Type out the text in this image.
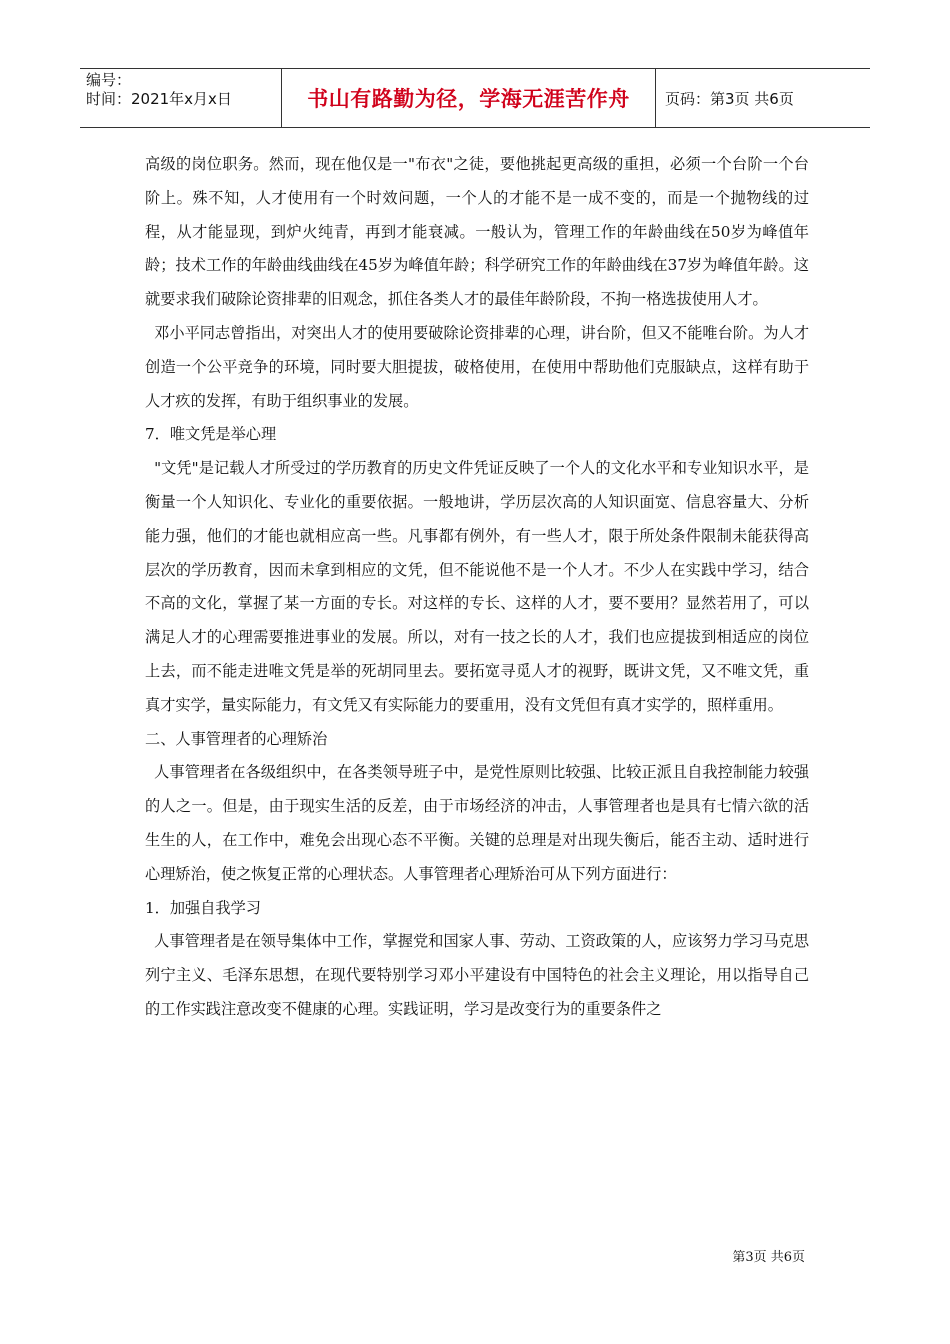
编号：
时间：2021年x月x日	书山有路勤为径，学海无涯苦作舟 页码：第3页 共6页

高级的岗位职务。然而，现在他仅是一"布衣"之徒，要他挑起更高级的重担，必须一个台阶一个台阶上。殊不知，人才使用有一个时效问题，一个人的才能不是一成不变的，而是一个抛物线的过程，从才能显现，到炉火纯青，再到才能衰减。一般认为，管理工作的年龄曲线在50岁为峰值年龄；技术工作的年龄曲线曲线在45岁为峰值年龄；科学研究工作的年龄曲线在37岁为峰值年龄。这就要求我们破除论资排辈的旧观念，抓住各类人才的最佳年龄阶段，不拘一格选拔使用人才。

邓小平同志曾指出，对突出人才的使用要破除论资排辈的心理，讲台阶，但又不能唯台阶。为人才创造一个公平竞争的环境，同时要大胆提拔，破格使用，在使用中帮助他们克服缺点，这样有助于人才疚的发挥，有助于组织事业的发展。

7．唯文凭是举心理

"文凭"是记载人才所受过的学历教育的历史文件凭证反映了一个人的文化水平和专业知识水平，是衡量一个人知识化、专业化的重要依据。一般地讲，学历层次高的人知识面宽、信息容量大、分析能力强，他们的才能也就相应高一些。凡事都有例外，有一些人才，限于所处条件限制未能获得高层次的学历教育，因而未拿到相应的文凭，但不能说他不是一个人才。不少人在实践中学习，结合不高的文化，掌握了某一方面的专长。对这样的专长、这样的人才，要不要用？显然若用了，可以满足人才的心理需要推进事业的发展。所以，对有一技之长的人才，我们也应提拔到相适应的岗位上去，而不能走进唯文凭是举的死胡同里去。要拓宽寻觅人才的视野，既讲文凭，又不唯文凭，重真才实学，量实际能力，有文凭又有实际能力的要重用，没有文凭但有真才实学的，照样重用。

二、人事管理者的心理矫治

人事管理者在各级组织中，在各类领导班子中，是党性原则比较强、比较正派且自我控制能力较强的人之一。但是，由于现实生活的反差，由于市场经济的冲击，人事管理者也是具有七情六欲的活生生的人，在工作中，难免会出现心态不平衡。关键的总理是对出现失衡后，能否主动、适时进行心理矫治，使之恢复正常的心理状态。人事管理者心理矫治可从下列方面进行：

1．加强自我学习

人事管理者是在领导集体中工作，掌握党和国家人事、劳动、工资政策的人，应该努力学习马克思列宁主义、毛泽东思想，在现代要特别学习邓小平建设有中国特色的社会主义理论，用以指导自己的工作实践注意改变不健康的心理。实践证明，学习是改变行为的重要条件之

第3页 共6页
